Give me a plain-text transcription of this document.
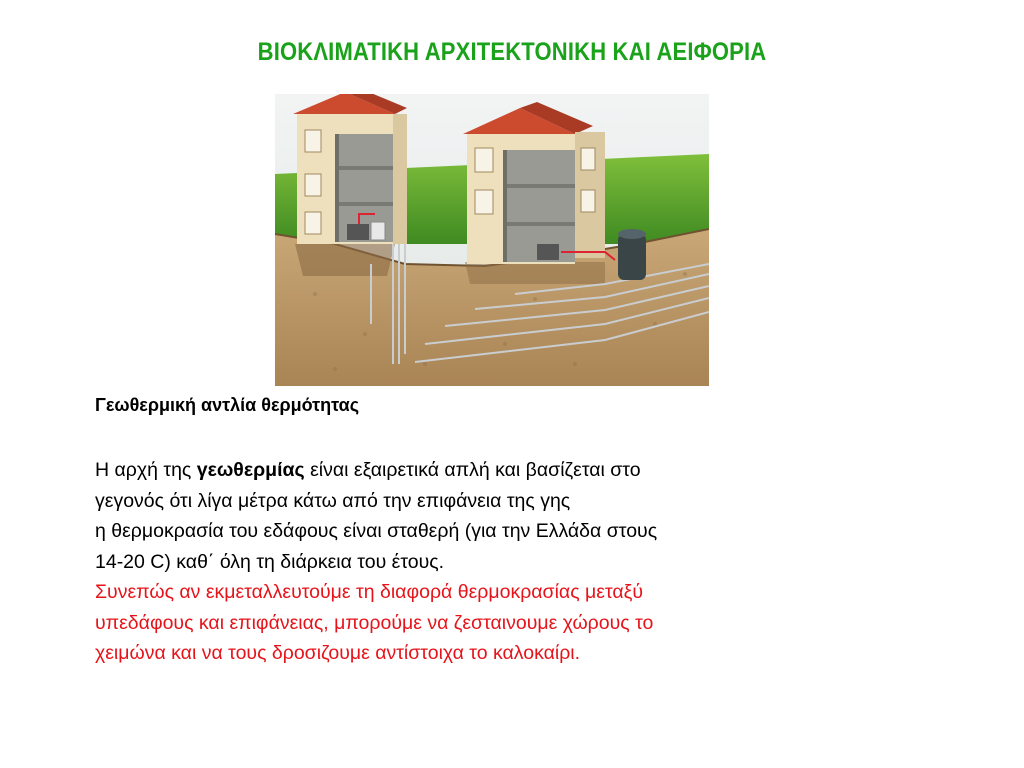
ΒΙΟΚΛΙΜΑΤΙΚΗ ΑΡΧΙΤΕΚΤΟΝΙΚΗ ΚΑΙ ΑΕΙΦΟΡΙΑ
Γεωθερμική αντλία θερμότητας
Η αρχή της γεωθερμίας είναι εξαιρετικά απλή και βασίζεται στο
γεγονός ότι λίγα μέτρα κάτω από την επιφάνεια της γης
η θερμοκρασία του εδάφους είναι σταθερή (για την Ελλάδα στους
14-20 C) καθ΄ όλη τη διάρκεια του έτους.
Συνεπώς αν εκμεταλλευτούμε τη διαφορά θερμοκρασίας μεταξύ
υπεδάφους και επιφάνειας, μπορούμε να ζεσταινουμε χώρους το
χειμώνα και να τους δροσιζουμε αντίστοιχα το καλοκαίρι.
